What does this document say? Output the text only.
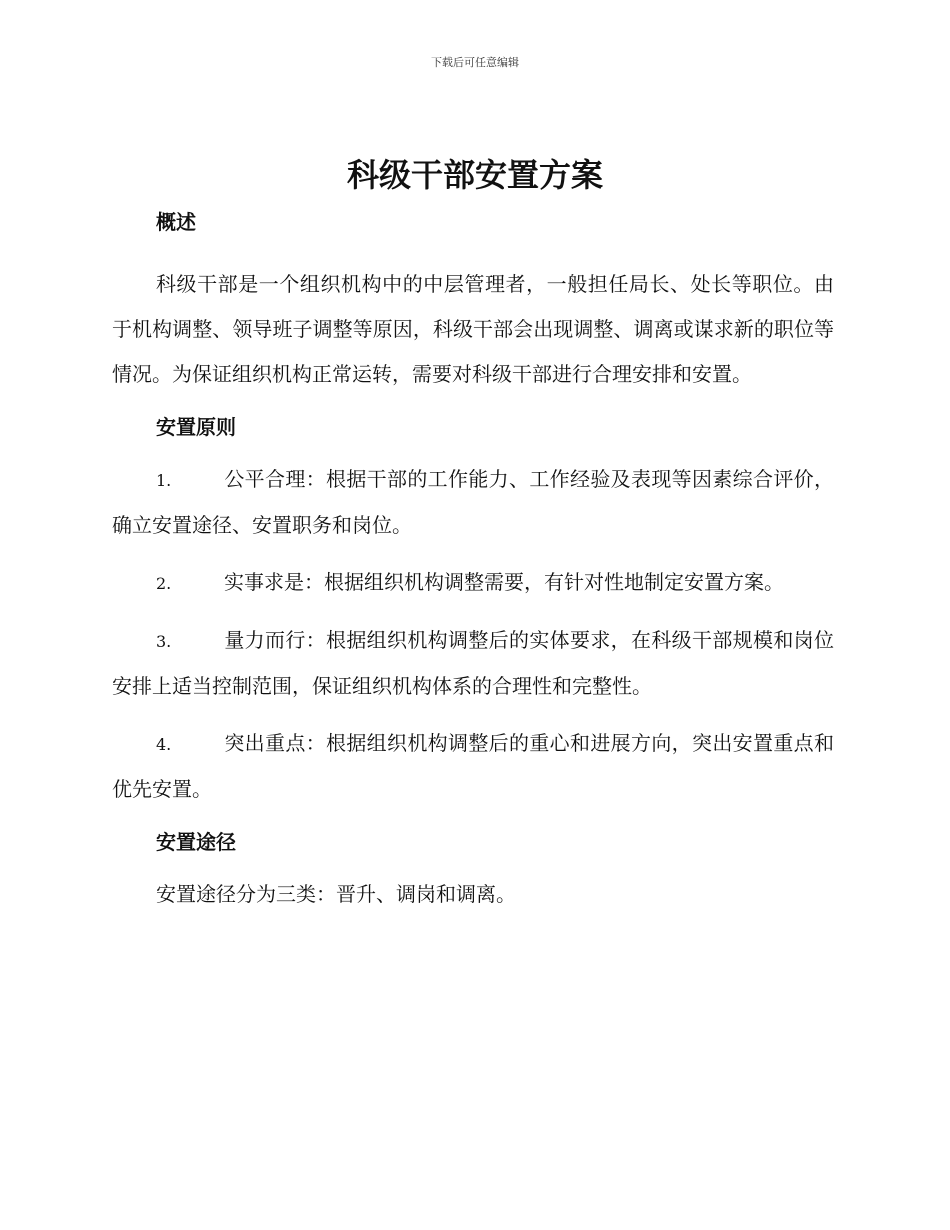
下载后可任意编辑
科级干部安置方案

概述

科级干部是一个组织机构中的中层管理者，一般担任局长、处长等职位。由于机构调整、领导班子调整等原因，科级干部会出现调整、调离或谋求新的职位等情况。为保证组织机构正常运转，需要对科级干部进行合理安排和安置。

安置原则

1.	公平合理：根据干部的工作能力、工作经验及表现等因素综合评价，确立安置途径、安置职务和岗位。

2.	实事求是：根据组织机构调整需要，有针对性地制定安置方案。

3.	量力而行：根据组织机构调整后的实体要求，在科级干部规模和岗位安排上适当控制范围，保证组织机构体系的合理性和完整性。

4.	突出重点：根据组织机构调整后的重心和进展方向，突出安置重点和优先安置。

安置途径

安置途径分为三类：晋升、调岗和调离。
